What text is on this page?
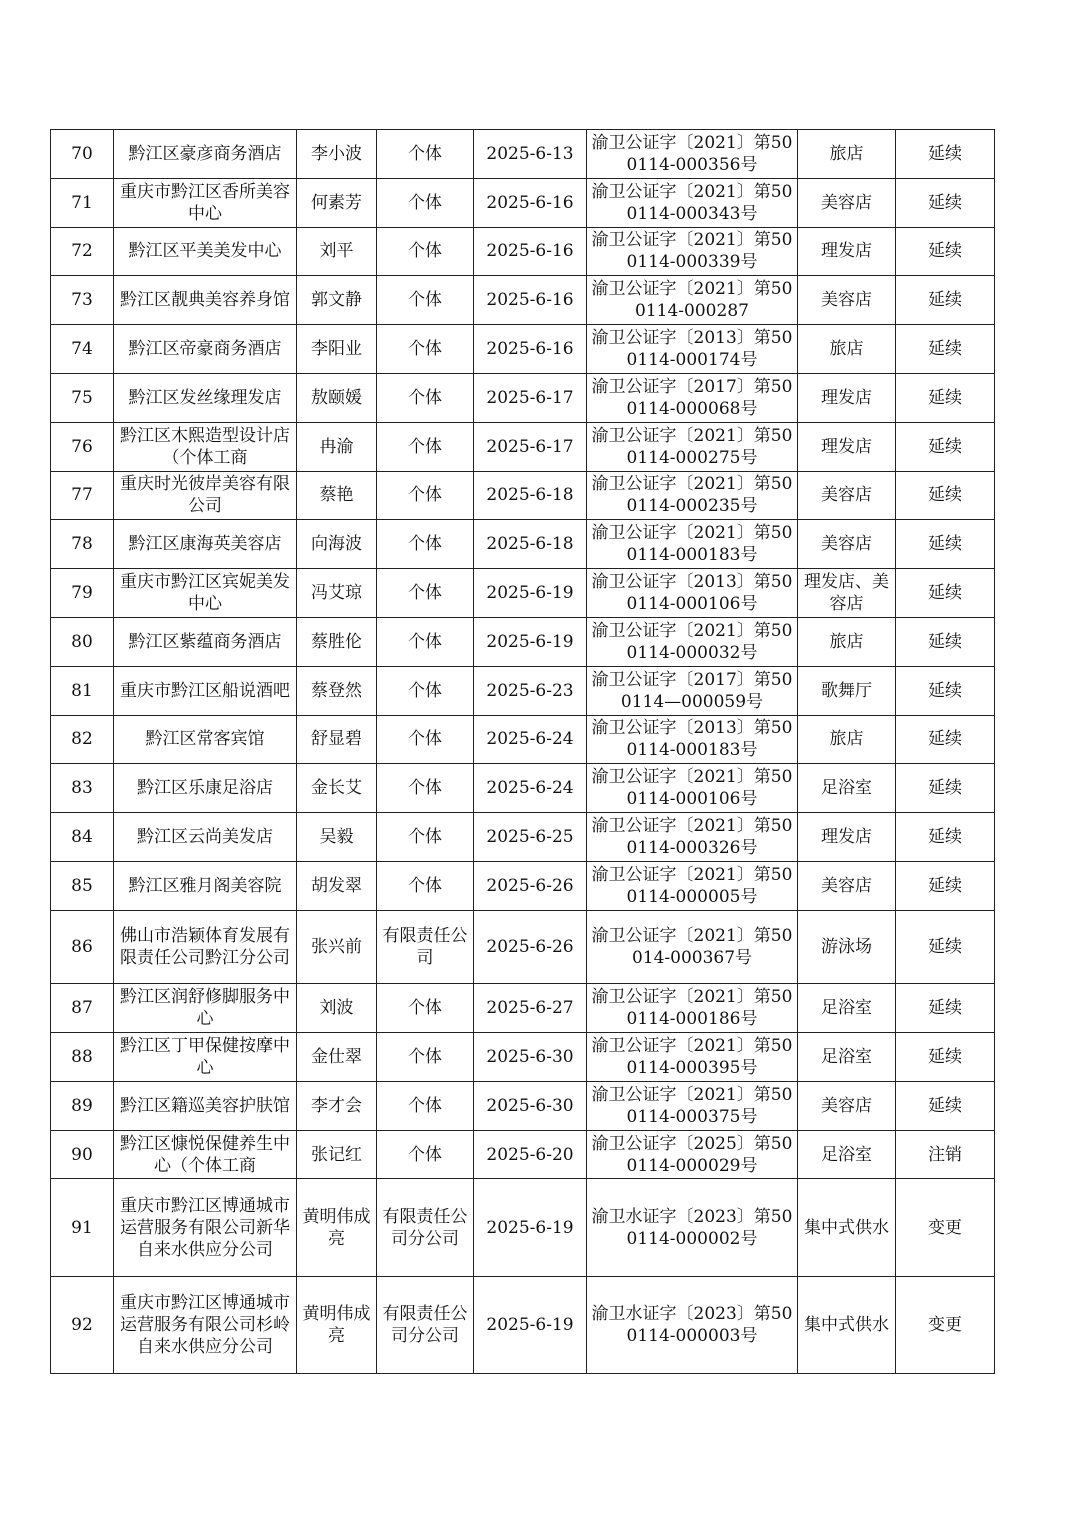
70	黔江区豪彦商务酒店	李小波	个体	2025-6-13	渝卫公证字〔2021〕第500114-000356号	旅店	延续
71	重庆市黔江区香所美容中心	何素芳	个体	2025-6-16	渝卫公证字〔2021〕第500114-000343号	美容店	延续
72	黔江区平美美发中心	刘平	个体	2025-6-16	渝卫公证字〔2021〕第500114-000339号	理发店	延续
73	黔江区靓典美容养身馆	郭文静	个体	2025-6-16	渝卫公证字〔2021〕第500114-000287	美容店	延续
74	黔江区帝豪商务酒店	李阳业	个体	2025-6-16	渝卫公证字〔2013〕第500114-000174号	旅店	延续
75	黔江区发丝缘理发店	敖颐媛	个体	2025-6-17	渝卫公证字〔2017〕第500114-000068号	理发店	延续
76	黔江区木熙造型设计店（个体工商	冉渝	个体	2025-6-17	渝卫公证字〔2021〕第500114-000275号	理发店	延续
77	重庆时光彼岸美容有限公司	蔡艳	个体	2025-6-18	渝卫公证字〔2021〕第500114-000235号	美容店	延续
78	黔江区康海英美容店	向海波	个体	2025-6-18	渝卫公证字〔2021〕第500114-000183号	美容店	延续
79	重庆市黔江区宾妮美发中心	冯艾琼	个体	2025-6-19	渝卫公证字〔2013〕第500114-000106号	理发店、美容店	延续
80	黔江区紫蕴商务酒店	蔡胜伦	个体	2025-6-19	渝卫公证字〔2021〕第500114-000032号	旅店	延续
81	重庆市黔江区船说酒吧	蔡登然	个体	2025-6-23	渝卫公证字〔2017〕第500114—000059号	歌舞厅	延续
82	黔江区常客宾馆	舒显碧	个体	2025-6-24	渝卫公证字〔2013〕第500114-000183号	旅店	延续
83	黔江区乐康足浴店	金长艾	个体	2025-6-24	渝卫公证字〔2021〕第500114-000106号	足浴室	延续
84	黔江区云尚美发店	吴毅	个体	2025-6-25	渝卫公证字〔2021〕第500114-000326号	理发店	延续
85	黔江区雅月阁美容院	胡发翠	个体	2025-6-26	渝卫公证字〔2021〕第500114-000005号	美容店	延续
86	佛山市浩颖体育发展有限责任公司黔江分公司	张兴前	有限责任公司	2025-6-26	渝卫公证字〔2021〕第50014-000367号	游泳场	延续
87	黔江区润舒修脚服务中心	刘波	个体	2025-6-27	渝卫公证字〔2021〕第500114-000186号	足浴室	延续
88	黔江区丁甲保健按摩中心	金仕翠	个体	2025-6-30	渝卫公证字〔2021〕第500114-000395号	足浴室	延续
89	黔江区籍巡美容护肤馆	李才会	个体	2025-6-30	渝卫公证字〔2021〕第500114-000375号	美容店	延续
90	黔江区慷悦保健养生中心（个体工商	张记红	个体	2025-6-20	渝卫公证字〔2025〕第500114-000029号	足浴室	注销
91	重庆市黔江区博通城市运营服务有限公司新华自来水供应分公司	黄明伟成亮	有限责任公司分公司	2025-6-19	渝卫水证字〔2023〕第500114-000002号	集中式供水	变更
92	重庆市黔江区博通城市运营服务有限公司杉岭自来水供应分公司	黄明伟成亮	有限责任公司分公司	2025-6-19	渝卫水证字〔2023〕第500114-000003号	集中式供水	变更
